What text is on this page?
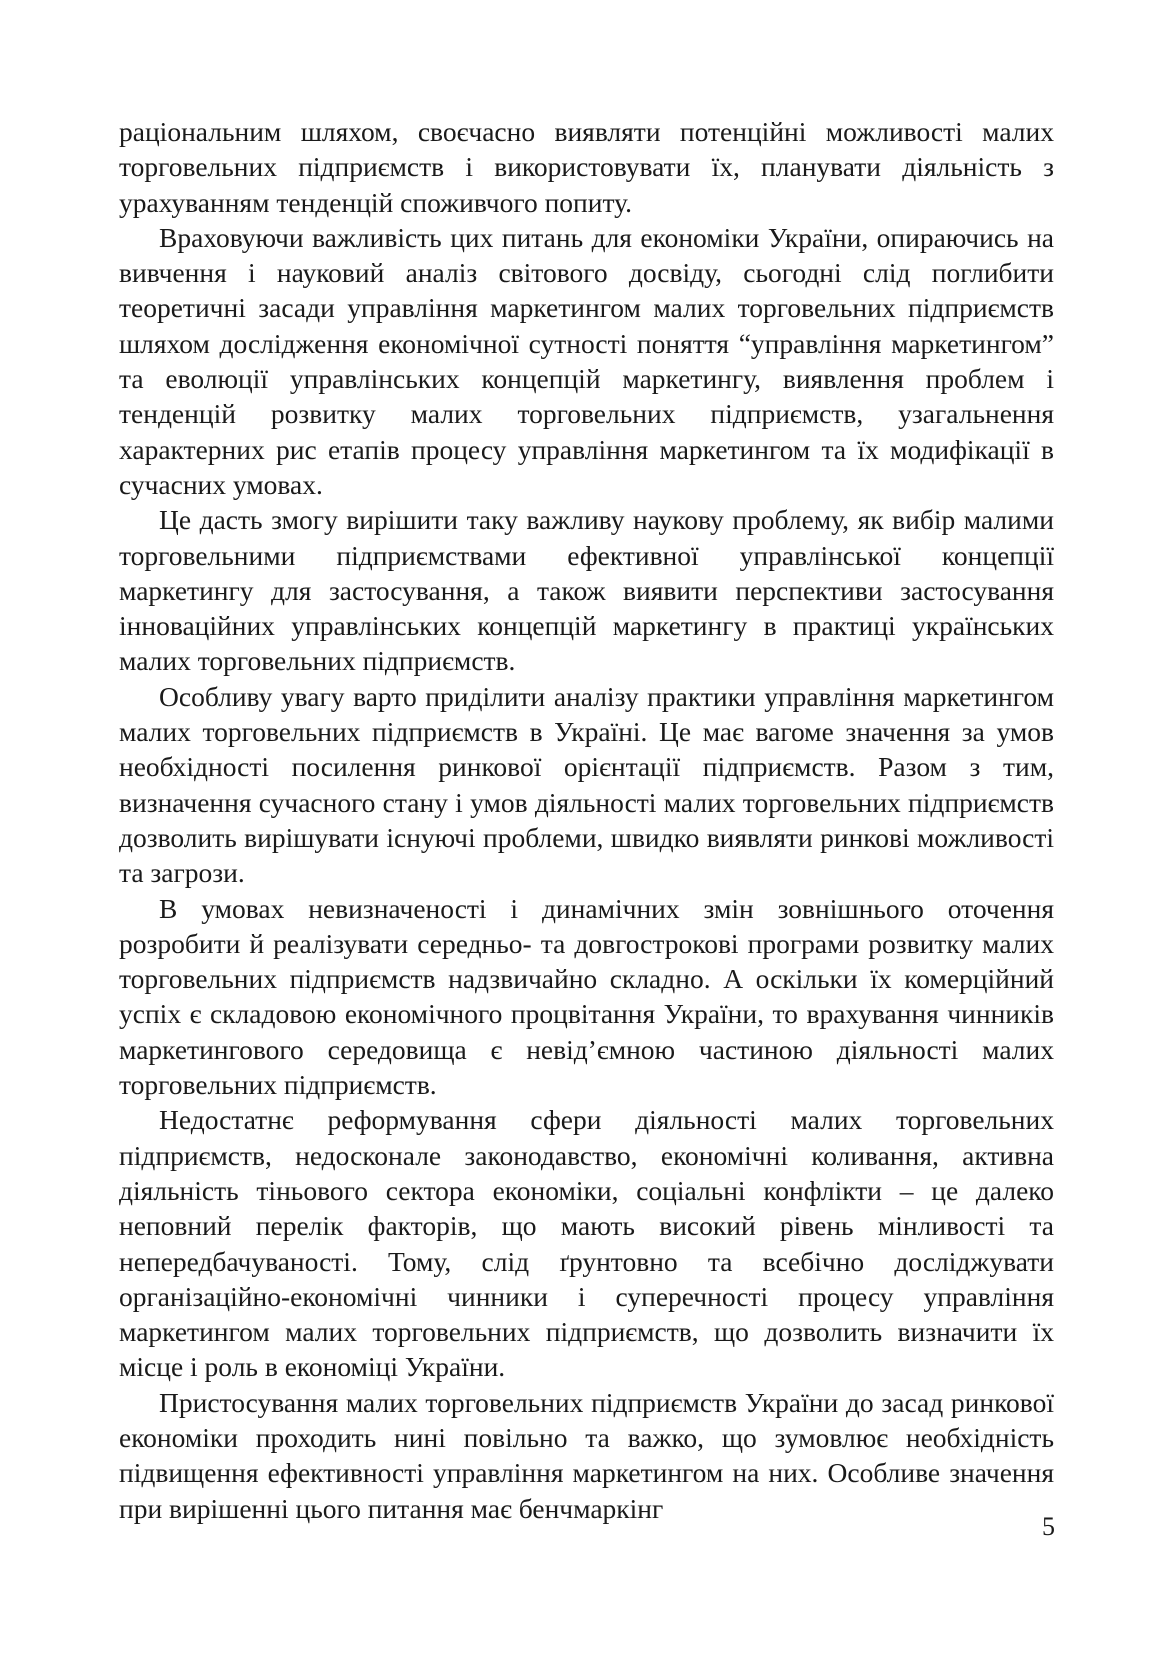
раціональним шляхом, своєчасно виявляти потенційні можливості малих торговельних підприємств і використовувати їх, планувати діяльність з урахуванням тенденцій споживчого попиту.

Враховуючи важливість цих питань для економіки України, опираючись на вивчення і науковий аналіз світового досвіду, сьогодні слід поглибити теоретичні засади управління маркетингом малих торговельних підприємств шляхом дослідження економічної сутності поняття “управління маркетингом” та еволюції управлінських концепцій маркетингу, виявлення проблем і тенденцій розвитку малих торговельних підприємств, узагальнення характерних рис етапів процесу управління маркетингом та їх модифікації в сучасних умовах.

Це дасть змогу вирішити таку важливу наукову проблему, як вибір малими торговельними підприємствами ефективної управлінської концепції маркетингу для застосування, а також виявити перспективи застосування інноваційних управлінських концепцій маркетингу в практиці українських малих торговельних підприємств.

Особливу увагу варто приділити аналізу практики управління маркетингом малих торговельних підприємств в Україні. Це має вагоме значення за умов необхідності посилення ринкової орієнтації підприємств. Разом з тим, визначення сучасного стану і умов діяльності малих торговельних підприємств дозволить вирішувати існуючі проблеми, швидко виявляти ринкові можливості та загрози.

В умовах невизначеності і динамічних змін зовнішнього оточення розробити й реалізувати середньо- та довгострокові програми розвитку малих торговельних підприємств надзвичайно складно. А оскільки їх комерційний успіх є складовою економічного процвітання України, то врахування чинників маркетингового середовища є невід’ємною частиною діяльності малих торговельних підприємств.

Недостатнє реформування сфери діяльності малих торговельних підприємств, недосконале законодавство, економічні коливання, активна діяльність тіньового сектора економіки, соціальні конфлікти – це далеко неповний перелік факторів, що мають високий рівень мінливості та непередбачуваності. Тому, слід ґрунтовно та всебічно досліджувати організаційно-економічні чинники і суперечності процесу управління маркетингом малих торговельних підприємств, що дозволить визначити їх місце і роль в економіці України.

Пристосування малих торговельних підприємств України до засад ринкової економіки проходить нині повільно та важко, що зумовлює необхідність підвищення ефективності управління маркетингом на них. Особливе значення при вирішенні цього питання має бенчмаркінг

5
